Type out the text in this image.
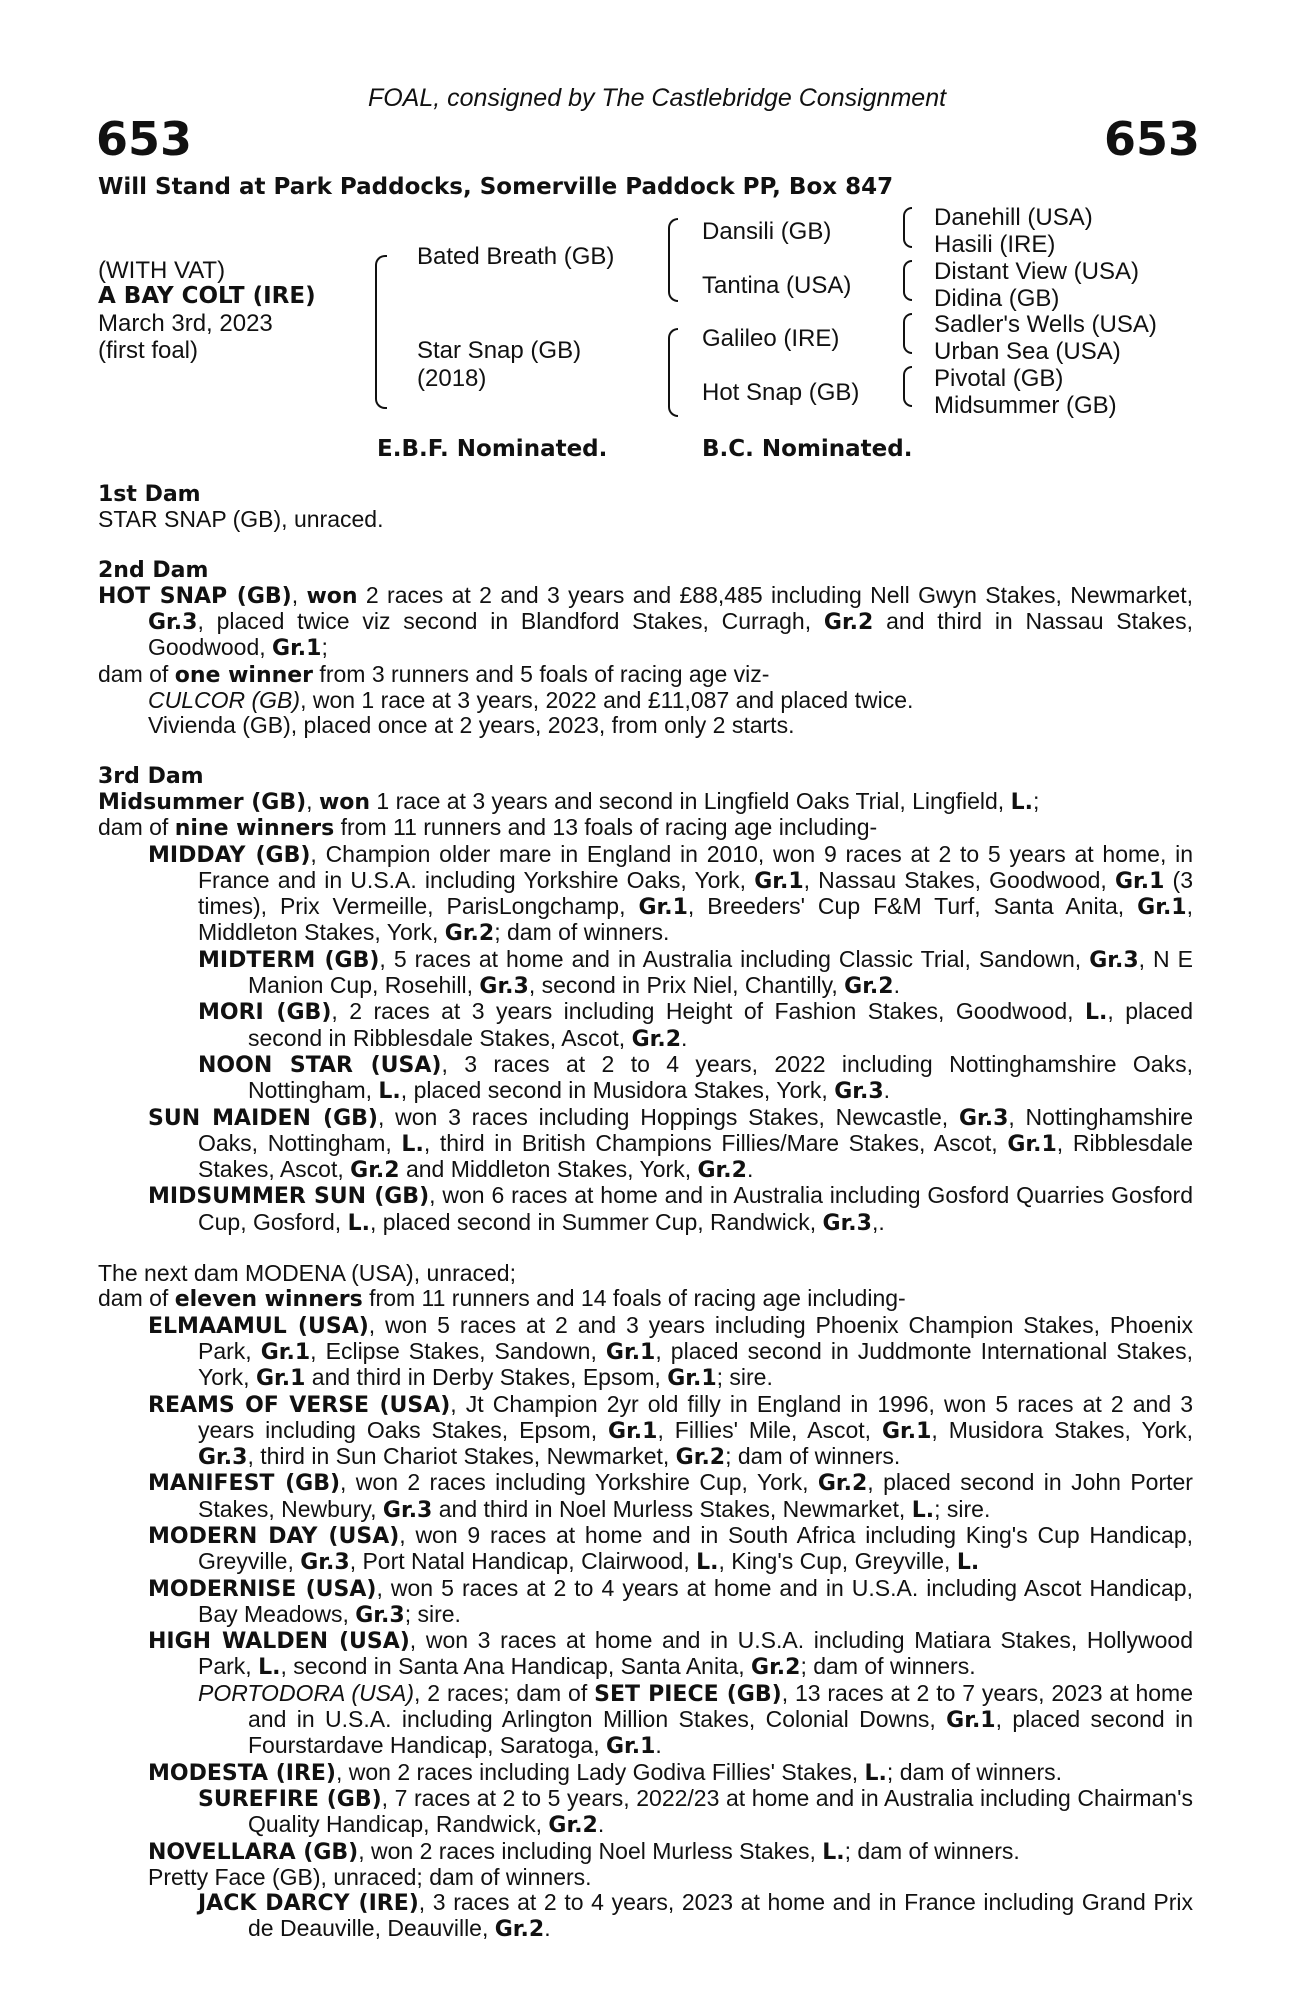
FOAL, consigned by The Castlebridge Consignment
653	653
Will Stand at Park Paddocks, Somerville Paddock PP, Box 847
(WITH VAT)
A BAY COLT (IRE)
March 3rd, 2023
(first foal)
Bated Breath (GB)
Star Snap (GB)
(2018)
Dansili (GB)
Tantina (USA)
Galileo (IRE)
Hot Snap (GB)
Danehill (USA)
Hasili (IRE)
Distant View (USA)
Didina (GB)
Sadler's Wells (USA)
Urban Sea (USA)
Pivotal (GB)
Midsummer (GB)
E.B.F. Nominated.	B.C. Nominated.
1st Dam

STAR SNAP (GB), unraced.

2nd Dam

HOT SNAP (GB), won 2 races at 2 and 3 years and £88,485 including Nell Gwyn Stakes, Newmarket, Gr.3, placed twice viz second in Blandford Stakes, Curragh, Gr.2 and third in Nassau Stakes, Goodwood, Gr.1;

dam of one winner from 3 runners and 5 foals of racing age viz-

CULCOR (GB), won 1 race at 3 years, 2022 and £11,087 and placed twice.

Vivienda (GB), placed once at 2 years, 2023, from only 2 starts.

3rd Dam

Midsummer (GB), won 1 race at 3 years and second in Lingfield Oaks Trial, Lingfield, L.;

dam of nine winners from 11 runners and 13 foals of racing age including-

MIDDAY (GB), Champion older mare in England in 2010, won 9 races at 2 to 5 years at home, in France and in U.S.A. including Yorkshire Oaks, York, Gr.1, Nassau Stakes, Goodwood, Gr.1 (3 times), Prix Vermeille, ParisLongchamp, Gr.1, Breeders' Cup F&M Turf, Santa Anita, Gr.1, Middleton Stakes, York, Gr.2; dam of winners.

MIDTERM (GB), 5 races at home and in Australia including Classic Trial, Sandown, Gr.3, N E Manion Cup, Rosehill, Gr.3, second in Prix Niel, Chantilly, Gr.2.

MORI (GB), 2 races at 3 years including Height of Fashion Stakes, Goodwood, L., placed second in Ribblesdale Stakes, Ascot, Gr.2.

NOON STAR (USA), 3 races at 2 to 4 years, 2022 including Nottinghamshire Oaks, Nottingham, L., placed second in Musidora Stakes, York, Gr.3.

SUN MAIDEN (GB), won 3 races including Hoppings Stakes, Newcastle, Gr.3, Nottinghamshire Oaks, Nottingham, L., third in British Champions Fillies/Mare Stakes, Ascot, Gr.1, Ribblesdale Stakes, Ascot, Gr.2 and Middleton Stakes, York, Gr.2.

MIDSUMMER SUN (GB), won 6 races at home and in Australia including Gosford Quarries Gosford Cup, Gosford, L., placed second in Summer Cup, Randwick, Gr.3,.

The next dam MODENA (USA), unraced;

dam of eleven winners from 11 runners and 14 foals of racing age including-

ELMAAMUL (USA), won 5 races at 2 and 3 years including Phoenix Champion Stakes, Phoenix Park, Gr.1, Eclipse Stakes, Sandown, Gr.1, placed second in Juddmonte International Stakes, York, Gr.1 and third in Derby Stakes, Epsom, Gr.1; sire.

REAMS OF VERSE (USA), Jt Champion 2yr old filly in England in 1996, won 5 races at 2 and 3 years including Oaks Stakes, Epsom, Gr.1, Fillies' Mile, Ascot, Gr.1, Musidora Stakes, York, Gr.3, third in Sun Chariot Stakes, Newmarket, Gr.2; dam of winners.

MANIFEST (GB), won 2 races including Yorkshire Cup, York, Gr.2, placed second in John Porter Stakes, Newbury, Gr.3 and third in Noel Murless Stakes, Newmarket, L.; sire.

MODERN DAY (USA), won 9 races at home and in South Africa including King's Cup Handicap, Greyville, Gr.3, Port Natal Handicap, Clairwood, L., King's Cup, Greyville, L.

MODERNISE (USA), won 5 races at 2 to 4 years at home and in U.S.A. including Ascot Handicap, Bay Meadows, Gr.3; sire.

HIGH WALDEN (USA), won 3 races at home and in U.S.A. including Matiara Stakes, Hollywood Park, L., second in Santa Ana Handicap, Santa Anita, Gr.2; dam of winners.

PORTODORA (USA), 2 races; dam of SET PIECE (GB), 13 races at 2 to 7 years, 2023 at home and in U.S.A. including Arlington Million Stakes, Colonial Downs, Gr.1, placed second in Fourstardave Handicap, Saratoga, Gr.1.

MODESTA (IRE), won 2 races including Lady Godiva Fillies' Stakes, L.; dam of winners.

SUREFIRE (GB), 7 races at 2 to 5 years, 2022/23 at home and in Australia including Chairman's Quality Handicap, Randwick, Gr.2.

NOVELLARA (GB), won 2 races including Noel Murless Stakes, L.; dam of winners.

Pretty Face (GB), unraced; dam of winners.

JACK DARCY (IRE), 3 races at 2 to 4 years, 2023 at home and in France including Grand Prix de Deauville, Deauville, Gr.2.
